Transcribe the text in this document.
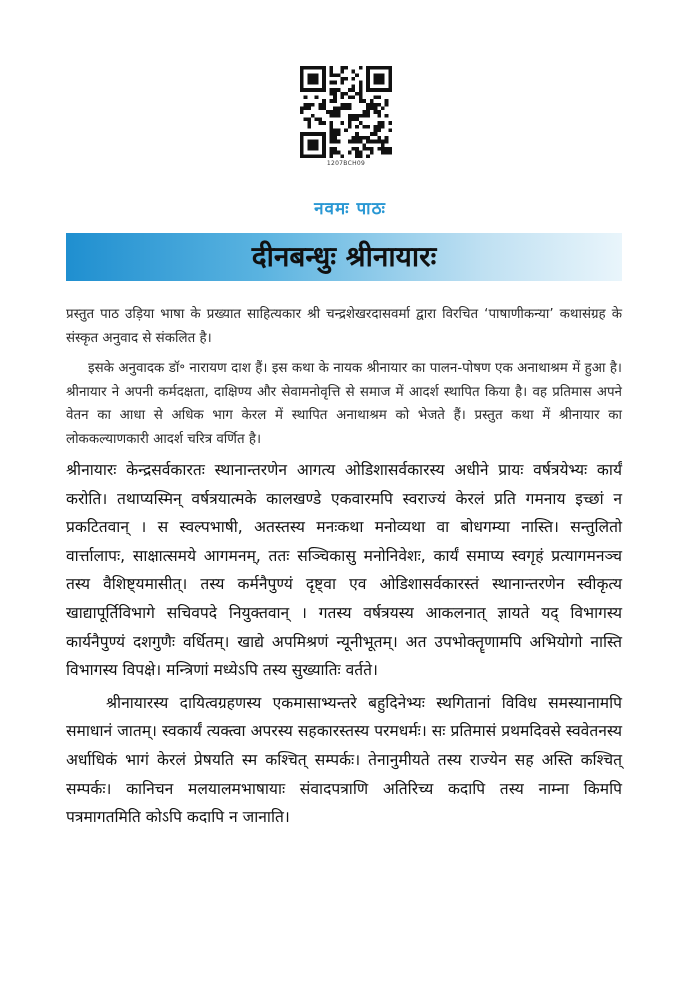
1207BCH09
नवमः पाठः
दीनबन्धुः श्रीनायारः

प्रस्तुत पाठ उड़िया भाषा के प्रख्यात साहित्यकार श्री चन्द्रशेखरदासवर्मा द्वारा विरचित ‘पाषाणीकन्या’ कथासंग्रह के संस्कृत अनुवाद से संकलित है।

इसके अनुवादक डॉ॰ नारायण दाश हैं। इस कथा के नायक श्रीनायार का पालन-पोषण एक अनाथाश्रम में हुआ है। श्रीनायार ने अपनी कर्मदक्षता, दाक्षिण्य और सेवामनोवृत्ति से समाज में आदर्श स्थापित किया है। वह प्रतिमास अपने वेतन का आधा से अधिक भाग केरल में स्थापित अनाथाश्रम को भेजते हैं। प्रस्तुत कथा में श्रीनायार का लोककल्याणकारी आदर्श चरित्र वर्णित है।

श्रीनायारः केन्द्रसर्वकारतः स्थानान्तरणेन आगत्य ओडिशासर्वकारस्य अधीने प्रायः वर्षत्रयेभ्यः कार्यं करोति। तथाप्यस्मिन् वर्षत्रयात्मके कालखण्डे एकवारमपि स्वराज्यं केरलं प्रति गमनाय इच्छां न प्रकटितवान् । स स्वल्पभाषी, अतस्तस्य मनःकथा मनोव्यथा वा बोधगम्या नास्ति। सन्तुलितो वार्त्तालापः, साक्षात्समये आगमनम्, ततः सञ्चिकासु मनोनिवेशः, कार्यं समाप्य स्वगृहं प्रत्यागमनञ्च तस्य वैशिष्ट्यमासीत्। तस्य कर्मनैपुण्यं दृष्ट्वा एव ओडिशासर्वकारस्तं स्थानान्तरणेन स्वीकृत्य खाद्यापूर्तिविभागे सचिवपदे नियुक्तवान् । गतस्य वर्षत्रयस्य आकलनात् ज्ञायते यद् विभागस्य कार्यनैपुण्यं दशगुणैः वर्धितम्। खाद्ये अपमिश्रणं न्यूनीभूतम्। अत उपभोक्तॄणामपि अभियोगो नास्ति विभागस्य विपक्षे। मन्त्रिणां मध्येऽपि तस्य सुख्यातिः वर्तते।

श्रीनायारस्य दायित्वग्रहणस्य एकमासाभ्यन्तरे बहुदिनेभ्यः स्थगितानां विविध समस्यानामपि समाधानं जातम्। स्वकार्यं त्यक्त्वा अपरस्य सहकारस्तस्य परमधर्मः। सः प्रतिमासं प्रथमदिवसे स्ववेतनस्य अर्धाधिकं भागं केरलं प्रेषयति स्म कश्चित् सम्पर्कः। तेनानुमीयते तस्य राज्येन सह अस्ति कश्चित् सम्पर्कः। कानिचन मलयालमभाषायाः संवादपत्राणि अतिरिच्य कदापि तस्य नाम्ना किमपि पत्रमागतमिति कोऽपि कदापि न जानाति।
